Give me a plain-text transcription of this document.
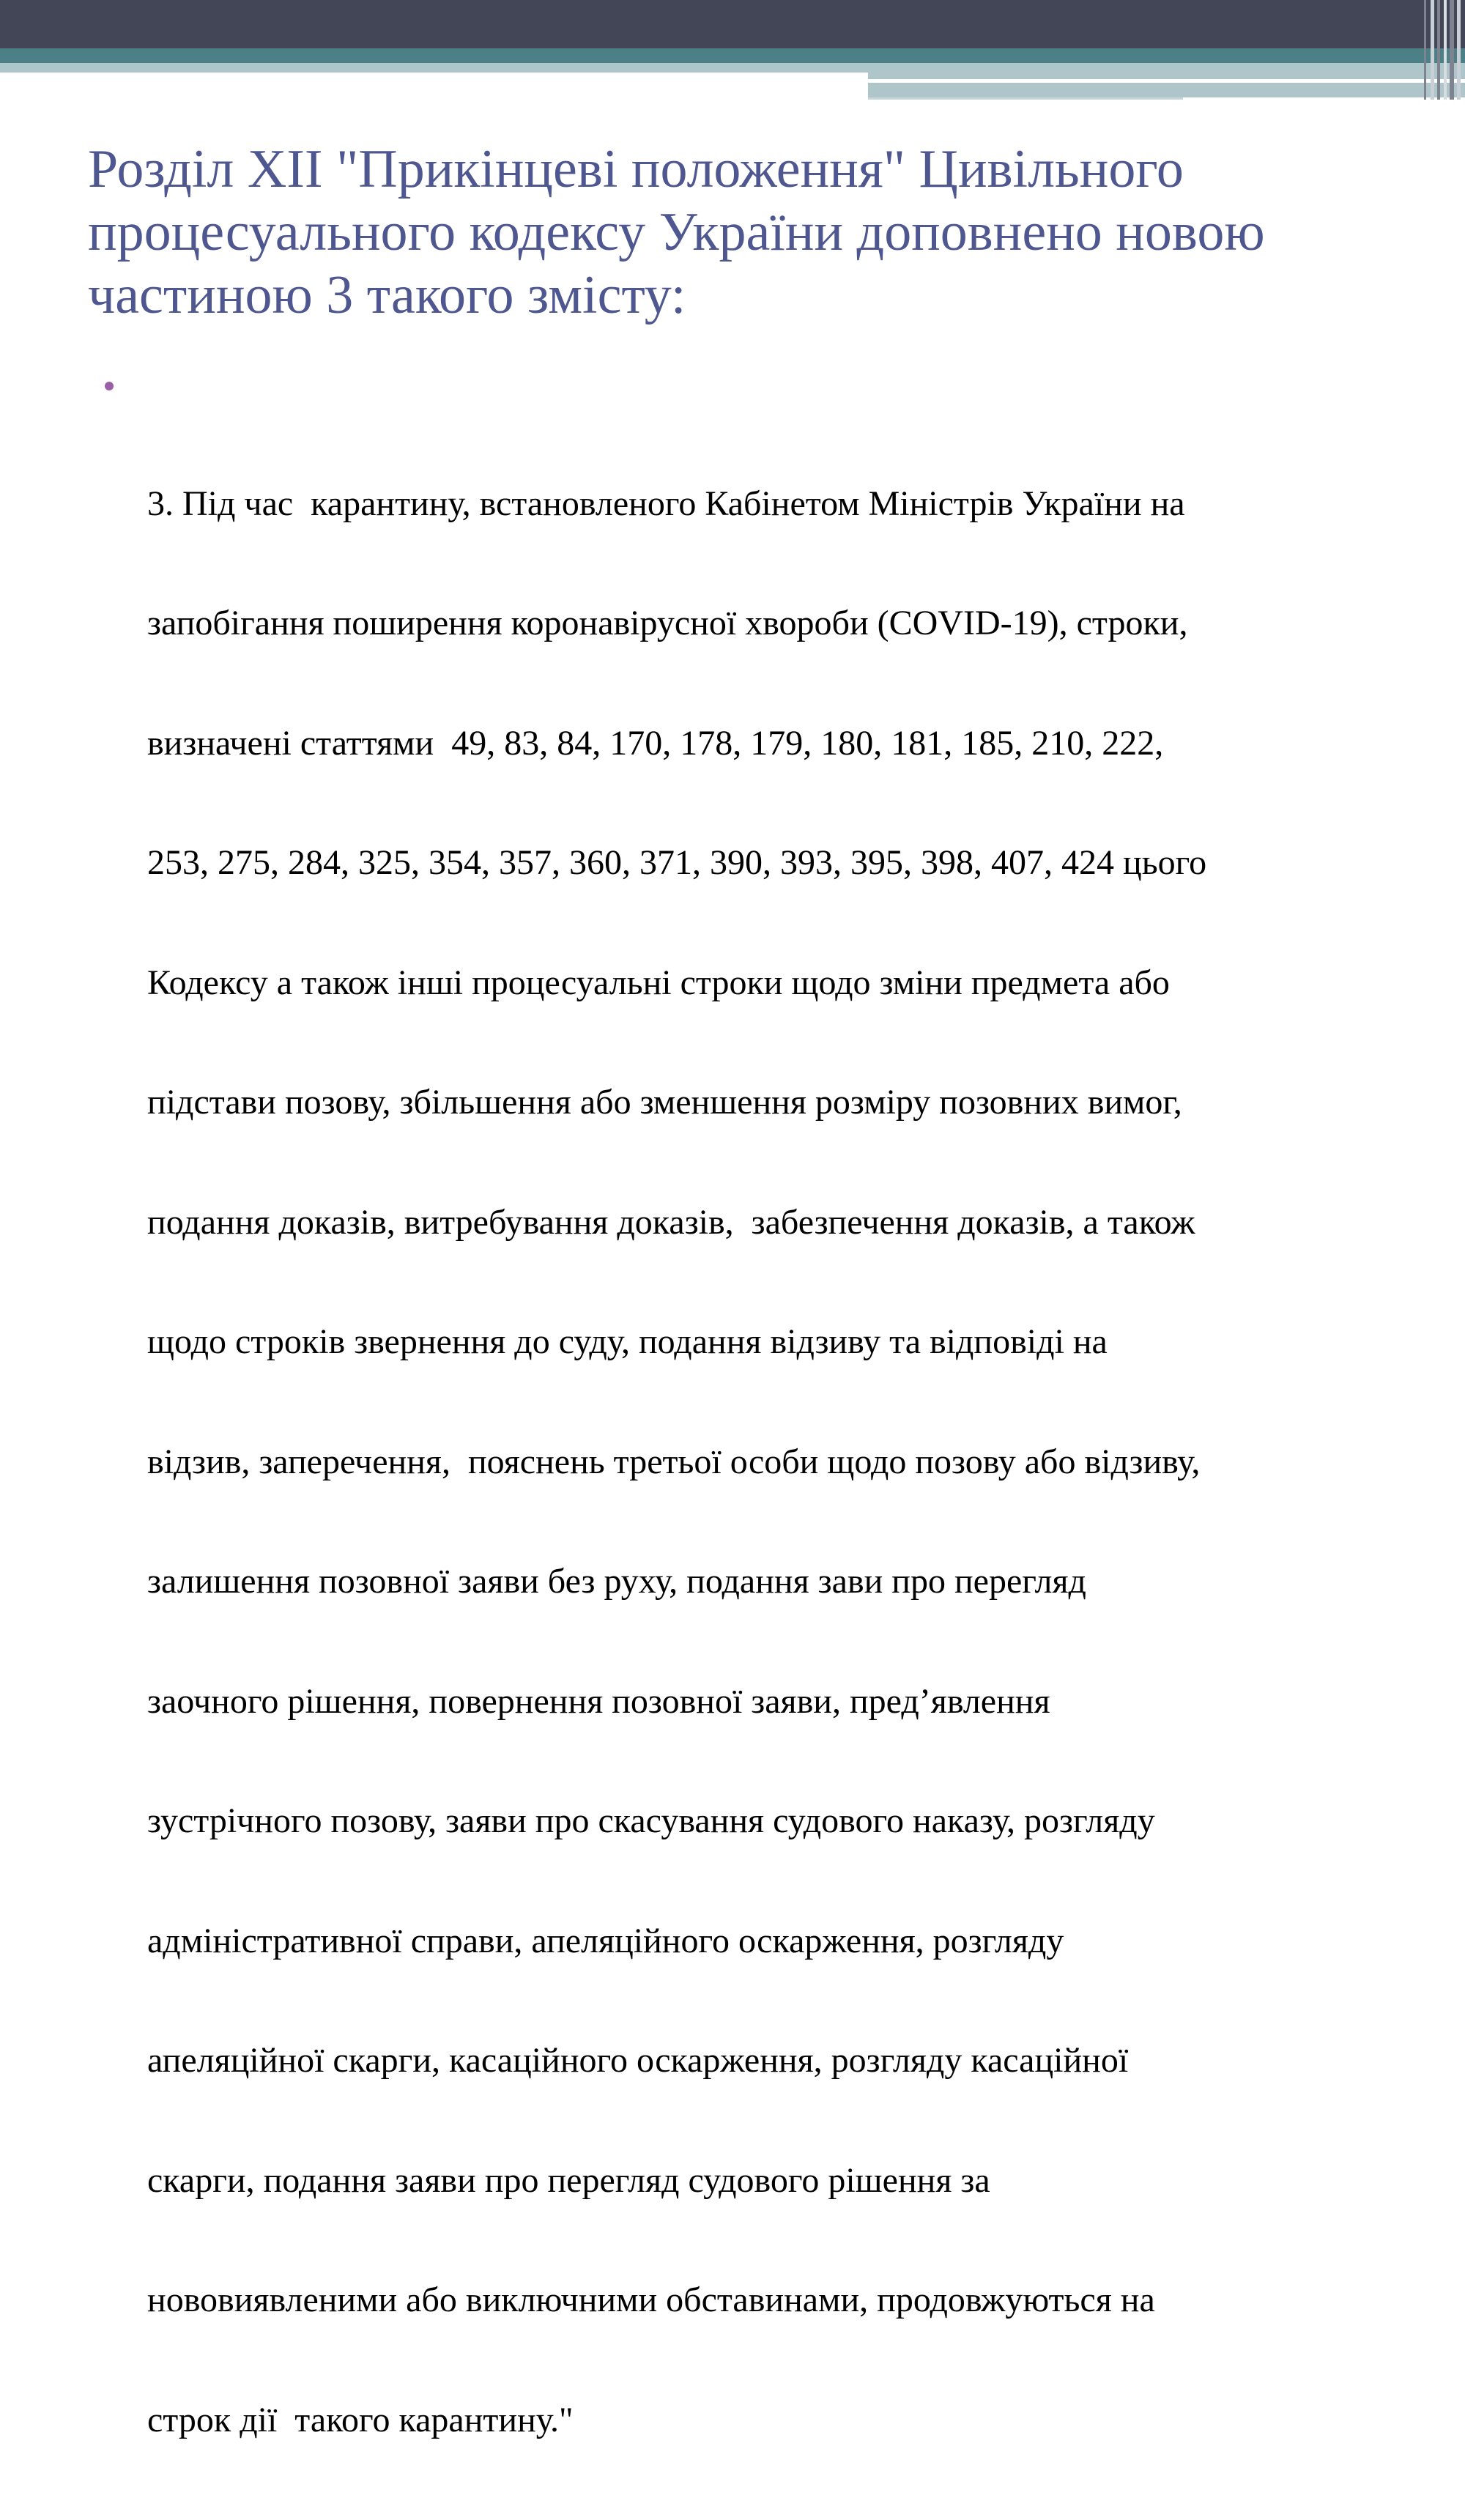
Розділ XII "Прикінцеві положення" Цивільного процесуального кодексу України доповнено новою частиною 3 такого змісту:

3. Під час  карантину, встановленого Кабінетом Міністрів України на

запобігання поширення коронавірусної хвороби (COVID-19), строки,

визначені статтями  49, 83, 84, 170, 178, 179, 180, 181, 185, 210, 222,

253, 275, 284, 325, 354, 357, 360, 371, 390, 393, 395, 398, 407, 424 цього

Кодексу а також інші процесуальні строки щодо зміни предмета або

підстави позову, збільшення або зменшення розміру позовних вимог,

подання доказів, витребування доказів,  забезпечення доказів, а також

щодо строків звернення до суду, подання відзиву та відповіді на

відзив, заперечення,  пояснень третьої особи щодо позову або відзиву,

залишення позовної заяви без руху, подання зави про перегляд

заочного рішення, повернення позовної заяви, пред’явлення

зустрічного позову, заяви про скасування судового наказу, розгляду

адміністративної справи, апеляційного оскарження, розгляду

апеляційної скарги, касаційного оскарження, розгляду касаційної

скарги, подання заяви про перегляд судового рішення за

нововиявленими або виключними обставинами, продовжуються на

строк дії  такого карантину."
